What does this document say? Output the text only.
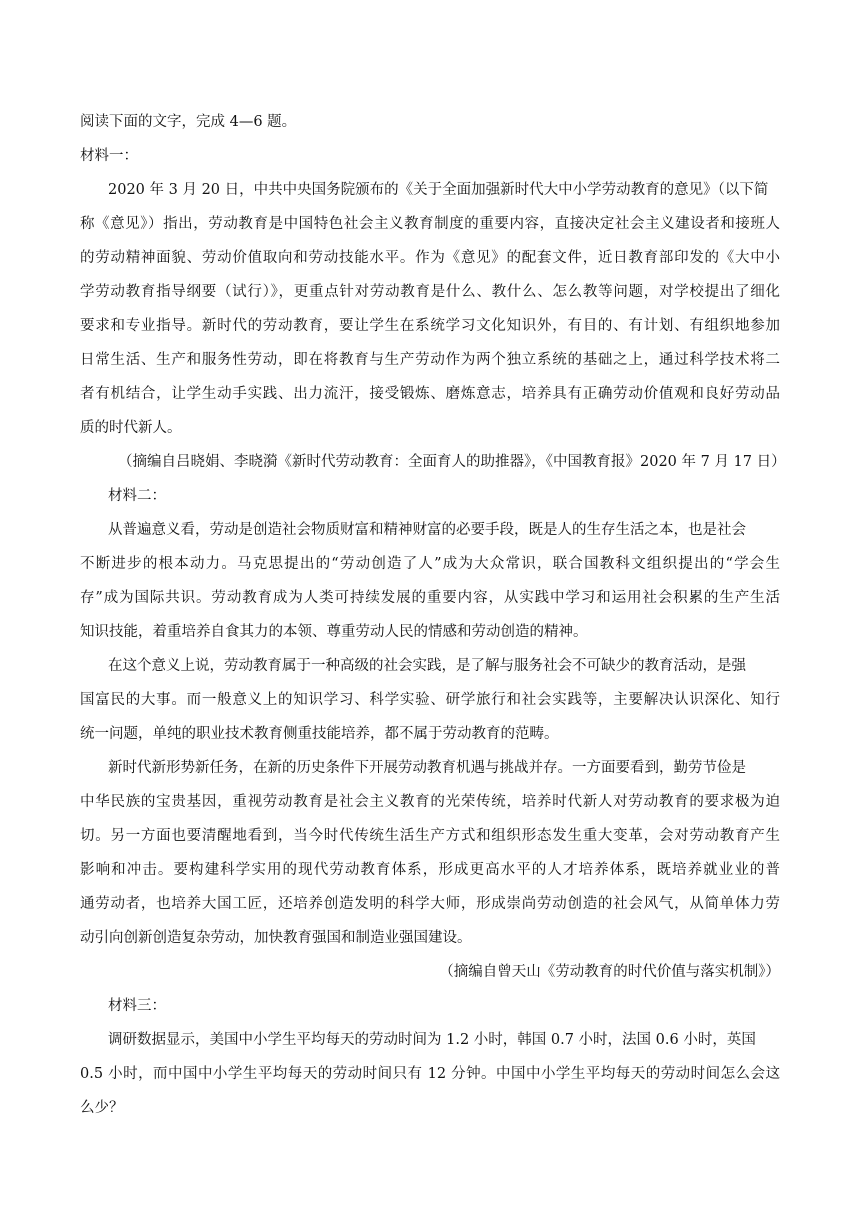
阅读下面的文字，完成 4—6 题。
材料一：
2020 年 3 月 20 日，中共中央国务院颁布的《关于全面加强新时代大中小学劳动教育的意见》（以下简
称《意见》）指出，劳动教育是中国特色社会主义教育制度的重要内容，直接决定社会主义建设者和接班人
的劳动精神面貌、劳动价值取向和劳动技能水平。作为《意见》的配套文件，近日教育部印发的《大中小
学劳动教育指导纲要（试行）》，更重点针对劳动教育是什么、教什么、怎么教等问题，对学校提出了细化
要求和专业指导。新时代的劳动教育，要让学生在系统学习文化知识外，有目的、有计划、有组织地参加
日常生活、生产和服务性劳动，即在将教育与生产劳动作为两个独立系统的基础之上，通过科学技术将二
者有机结合，让学生动手实践、出力流汗，接受锻炼、磨炼意志，培养具有正确劳动价值观和良好劳动品
质的时代新人。
（摘编自吕晓娟、李晓漪《新时代劳动教育：全面育人的助推器》，《中国教育报》2020 年 7 月 17 日）
材料二：
从普遍意义看，劳动是创造社会物质财富和精神财富的必要手段，既是人的生存生活之本，也是社会
不断进步的根本动力。马克思提出的“劳动创造了人”成为大众常识，联合国教科文组织提出的“学会生
存”成为国际共识。劳动教育成为人类可持续发展的重要内容，从实践中学习和运用社会积累的生产生活
知识技能，着重培养自食其力的本领、尊重劳动人民的情感和劳动创造的精神。
在这个意义上说，劳动教育属于一种高级的社会实践，是了解与服务社会不可缺少的教育活动，是强
国富民的大事。而一般意义上的知识学习、科学实验、研学旅行和社会实践等，主要解决认识深化、知行
统一问题，单纯的职业技术教育侧重技能培养，都不属于劳动教育的范畴。
新时代新形势新任务，在新的历史条件下开展劳动教育机遇与挑战并存。一方面要看到，勤劳节俭是
中华民族的宝贵基因，重视劳动教育是社会主义教育的光荣传统，培养时代新人对劳动教育的要求极为迫
切。另一方面也要清醒地看到，当今时代传统生活生产方式和组织形态发生重大变革，会对劳动教育产生
影响和冲击。要构建科学实用的现代劳动教育体系，形成更高水平的人才培养体系，既培养就业业的普
通劳动者，也培养大国工匠，还培养创造发明的科学大师，形成崇尚劳动创造的社会风气，从简单体力劳
动引向创新创造复杂劳动，加快教育强国和制造业强国建设。
（摘编自曾天山《劳动教育的时代价值与落实机制》）
材料三：
调研数据显示，美国中小学生平均每天的劳动时间为 1.2 小时，韩国 0.7 小时，法国 0.6 小时，英国
0.5 小时，而中国中小学生平均每天的劳动时间只有 12 分钟。中国中小学生平均每天的劳动时间怎么会这
么少？
